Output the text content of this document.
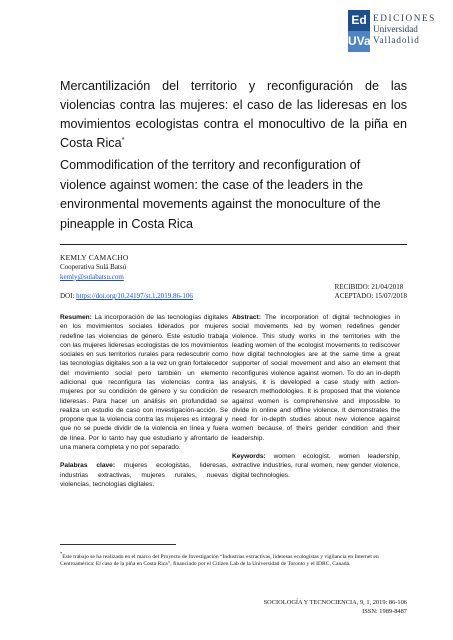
Ed
UVa
EDICIONES
Universidad
Valladolid
Mercantilización del territorio y reconfiguración de las violencias contra las mujeres: el caso de las lideresas en los movimientos ecologistas contra el monocultivo de la piña en Costa Rica*
Commodification of the territory and reconfiguration of violence against women: the case of the leaders in the environmental movements against the monoculture of the pineapple in Costa Rica
KEMLY CAMACHO
Cooperativa Sulá Batsú
kemly@sulabatsu.com
DOI: https://doi.org/10.24197/st.1.2019.86-106
RECIBIDO: 21/04/2018
ACEPTADO: 15/07/2018

Resumen: La incorporación de las tecnologías digitales en los movimientos sociales liderados por mujeres redefine las violencias de género. Este estudio trabaja con las mujeres lideresas ecologistas de los movimientos sociales en sus territorios rurales para redescubrir como las tecnologías digitales son a la vez un gran fortalecedor del movimiento social pero también un elemento adicional que reconfigura las violencias contra las mujeres por su condición de género y su condición de lideresas. Para hacer un análisis en profundidad se realiza un estudio de caso con investigación-acción. Se propone que la violencia contra las mujeres es integral y que no se puede dividir de la violencia en línea y fuera de línea. Por lo tanto hay que estudiarlo y afrontarlo de una manera completa y no por separado.

Palabras clave: mujeres ecologistas, lideresas, industrias extractivas, mujeres rurales, nuevas violencias, tecnologías digitales.

Abstract: The incorporation of digital technologies in social movements led by women redefines gender violence. This study works in the territories with the leading women of the ecologist movements to rediscover how digital technologies are at the same time a great supporter of social movement and also an element that reconfigures violence against women. To do an in-depth analysis, it is developed a case study with action-research methodologies. It is proposed that the violence against women is comprehensive and impossible to divide in online and offline violence. It demonstrates the need for in-depth studies about new violence against women because of theirs gender condition and their leadership.

Keywords: women ecologist, women leadership, extractive industries, rural women, new gender violence, digital technologies.

*Este trabajo se ha realizado en el marco del Proyecto de Investigación “Industrias extractivas, lideresas ecologistas y vigilancia en Internet en Centroamérica: El caso de la piña en Costa Rica”, financiado por el Citizen Lab de la Universidad de Toronto y el IDRC, Canadá.
SOCIOLOGÍA Y TECNOCIENCIA, 9, 1, 2019: 86-106
ISSN: 1989-8487
